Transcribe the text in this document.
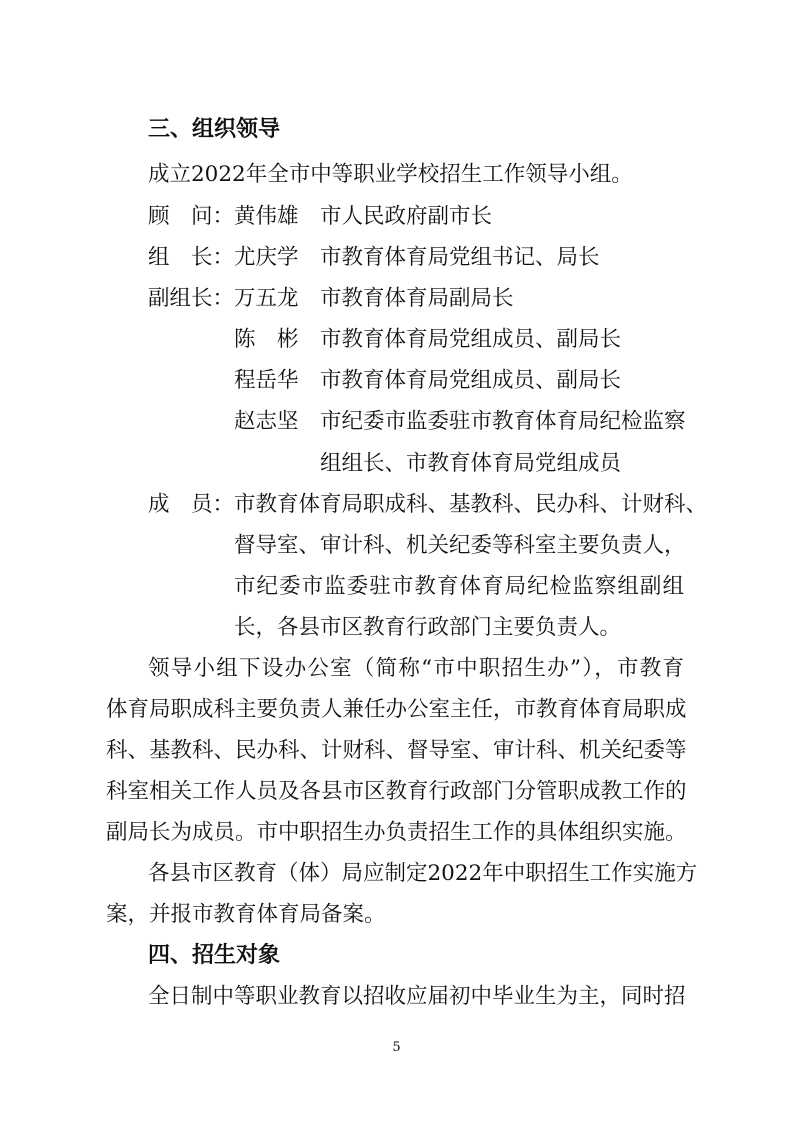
三、组织领导
成立2022年全市中等职业学校招生工作领导小组。
顾　问： 黄伟雄 市人民政府副市长
组　长： 尤庆学 市教育体育局党组书记、局长
副组长： 万五龙 市教育体育局副局长
陈　彬 市教育体育局党组成员、副局长
程岳华 市教育体育局党组成员、副局长
赵志坚 市纪委市监委驻市教育体育局纪检监察
组组长、市教育体育局党组成员
成　员： 市教育体育局职成科、基教科、民办科、计财科、
督导室、审计科、机关纪委等科室主要负责人，
市纪委市监委驻市教育体育局纪检监察组副组
长，各县市区教育行政部门主要负责人。
领导小组下设办公室（简称“市中职招生办”），市教育
体育局职成科主要负责人兼任办公室主任，市教育体育局职成
科、基教科、民办科、计财科、督导室、审计科、机关纪委等
科室相关工作人员及各县市区教育行政部门分管职成教工作的
副局长为成员。市中职招生办负责招生工作的具体组织实施。
各县市区教育（体）局应制定2022年中职招生工作实施方
案，并报市教育体育局备案。
四、招生对象
全日制中等职业教育以招收应届初中毕业生为主，同时招
5
